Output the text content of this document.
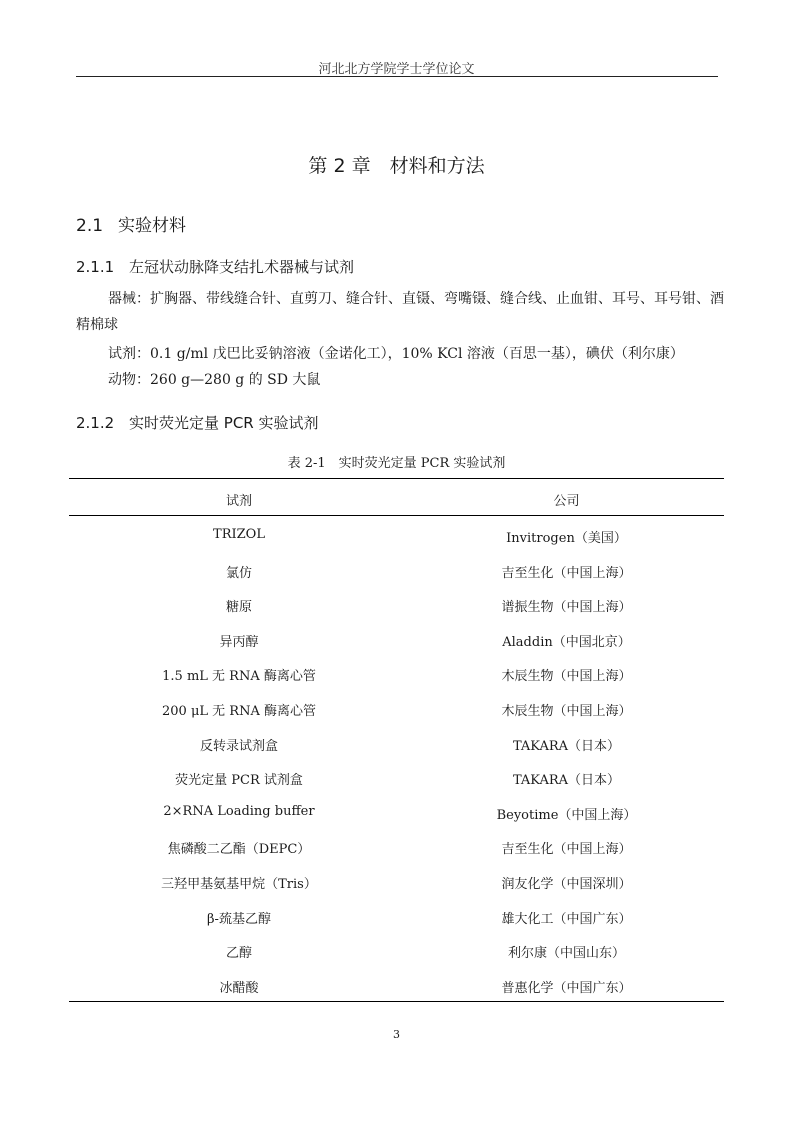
河北北方学院学士学位论文
第 2 章　材料和方法
2.1 实验材料
2.1.1 左冠状动脉降支结扎术器械与试剂
器械：扩胸器、带线缝合针、直剪刀、缝合针、直镊、弯嘴镊、缝合线、止血钳、耳号、耳号钳、酒精棉球
试剂：0.1 g/ml 戊巴比妥钠溶液（金诺化工），10% KCl 溶液（百思一基），碘伏（利尔康）
动物：260 g—280 g 的 SD 大鼠
2.1.2 实时荧光定量 PCR 实验试剂
表 2-1　实时荧光定量 PCR 实验试剂
试剂	公司
TRIZOL	Invitrogen（美国）
氯仿	吉至生化（中国上海）
糖原	谱振生物（中国上海）
异丙醇	Aladdin（中国北京）
1.5 mL 无 RNA 酶离心管	木辰生物（中国上海）
200 μL 无 RNA 酶离心管	木辰生物（中国上海）
反转录试剂盒	TAKARA（日本）
荧光定量 PCR 试剂盒	TAKARA（日本）
2×RNA Loading buffer	Beyotime（中国上海）
焦磷酸二乙酯（DEPC）	吉至生化（中国上海）
三羟甲基氨基甲烷（Tris）	润友化学（中国深圳）
β-巯基乙醇	雄大化工（中国广东）
乙醇	利尔康（中国山东）
冰醋酸	普惠化学（中国广东）
3
